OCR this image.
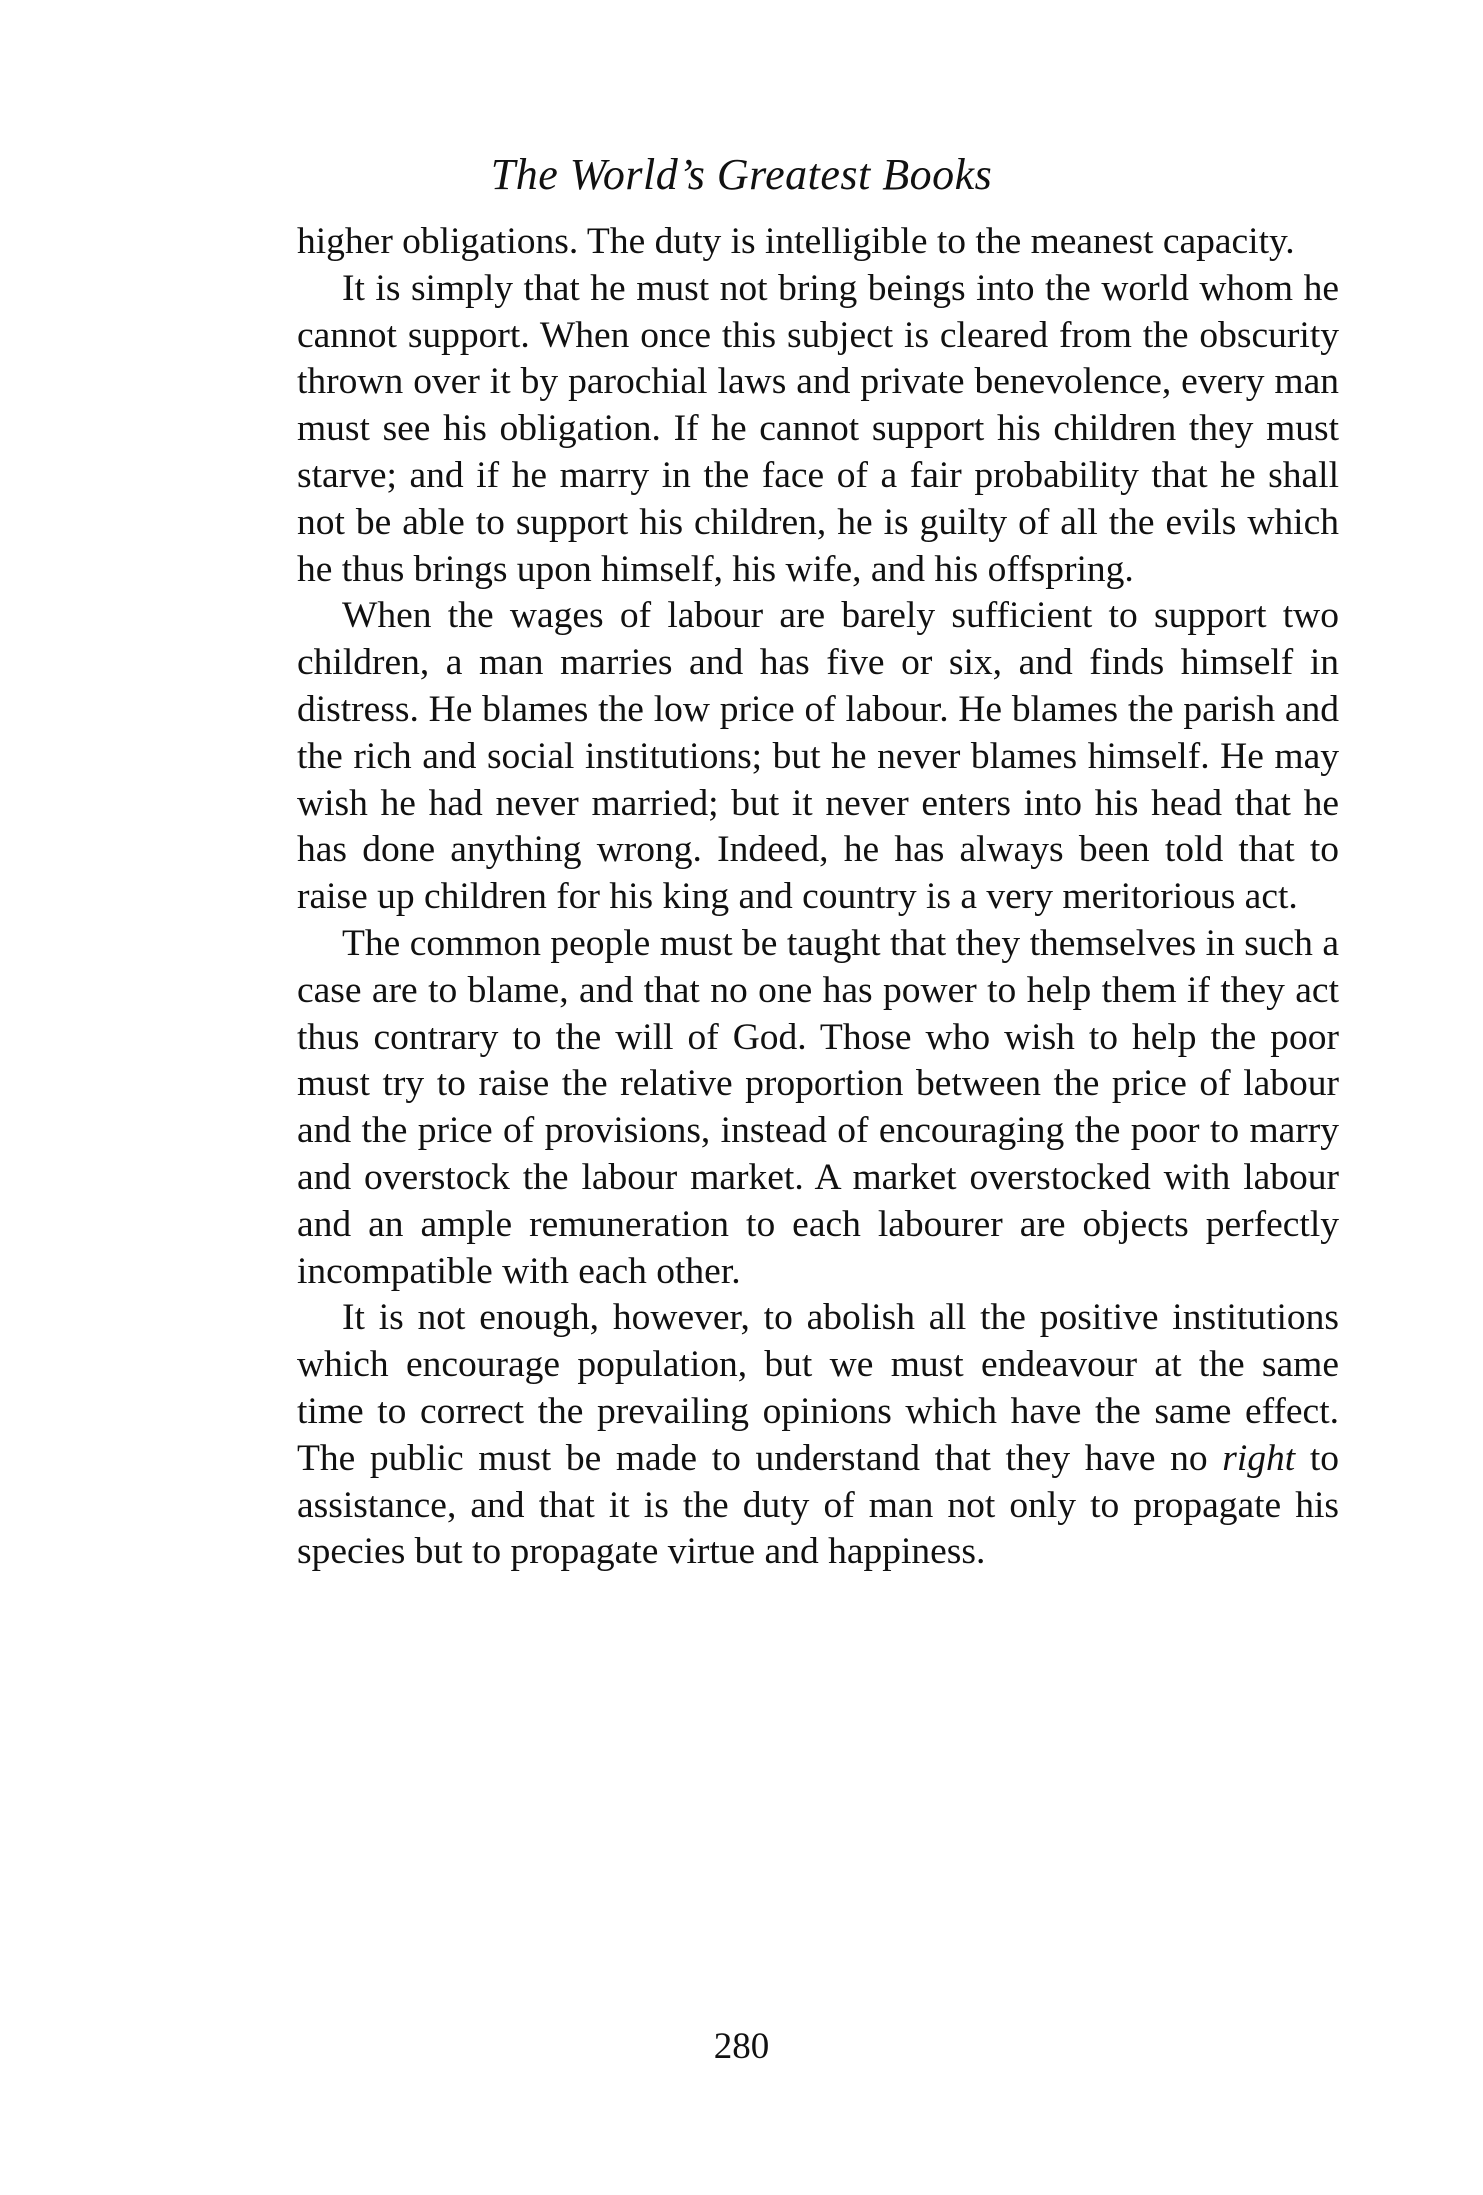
The World’s Greatest Books

higher obligations. The duty is intelligible to the meanest capacity.

It is simply that he must not bring beings into the world whom he cannot support. When once this subject is cleared from the obscurity thrown over it by parochial laws and private benevolence, every man must see his obligation. If he cannot support his children they must starve; and if he marry in the face of a fair probability that he shall not be able to support his children, he is guilty of all the evils which he thus brings upon himself, his wife, and his offspring.

When the wages of labour are barely sufficient to support two children, a man marries and has five or six, and finds himself in distress. He blames the low price of labour. He blames the parish and the rich and social institutions; but he never blames himself. He may wish he had never married; but it never enters into his head that he has done anything wrong. Indeed, he has always been told that to raise up children for his king and country is a very meritorious act.

The common people must be taught that they themselves in such a case are to blame, and that no one has power to help them if they act thus contrary to the will of God. Those who wish to help the poor must try to raise the relative proportion between the price of labour and the price of provisions, instead of encouraging the poor to marry and overstock the labour market. A market overstocked with labour and an ample remuneration to each labourer are objects perfectly incompatible with each other.

It is not enough, however, to abolish all the positive institutions which encourage population, but we must endeavour at the same time to correct the prevailing opinions which have the same effect. The public must be made to understand that they have no right to assistance, and that it is the duty of man not only to propagate his species but to propagate virtue and happiness.

280
